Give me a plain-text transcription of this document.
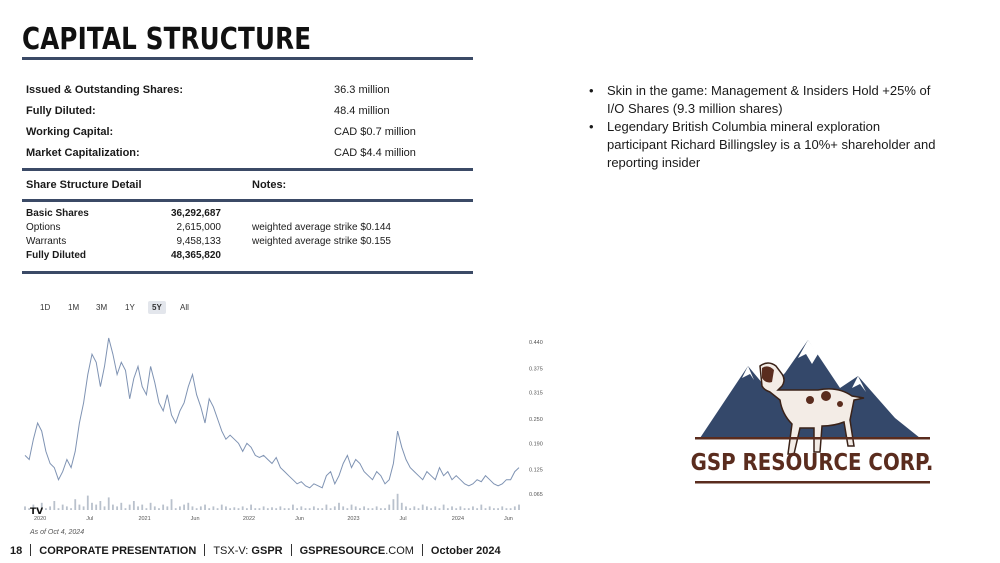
CAPITAL STRUCTURE
Issued & Outstanding Shares:	36.3 million
Fully Diluted:	48.4 million
Working Capital:	CAD $0.7 million
Market Capitalization:	CAD $4.4 million
Share Structure Detail	Notes:
Basic Shares	36,292,687
Options	2,615,000	weighted average strike $0.144
Warrants	9,458,133	weighted average strike $0.155
Fully Diluted	48,365,820
• Skin in the game: Management & Insiders Hold +25% of I/O Shares (9.3 million shares)
• Legendary British Columbia mineral exploration participant Richard Billingsley is a 10%+ shareholder and reporting insider
1D	1M	3M	1Y	5Y	All
0.440
0.375
0.315
0.250
0.190
0.125
0.065
2020	Jul	2021	Jun	2022	Jun	2023	Jul	2024	Jun
TV
As of Oct 4, 2024
GSP RESOURCE CORP.
18 CORPORATE PRESENTATION TSX-V: GSPR GSPRESOURCE.COM October 2024
